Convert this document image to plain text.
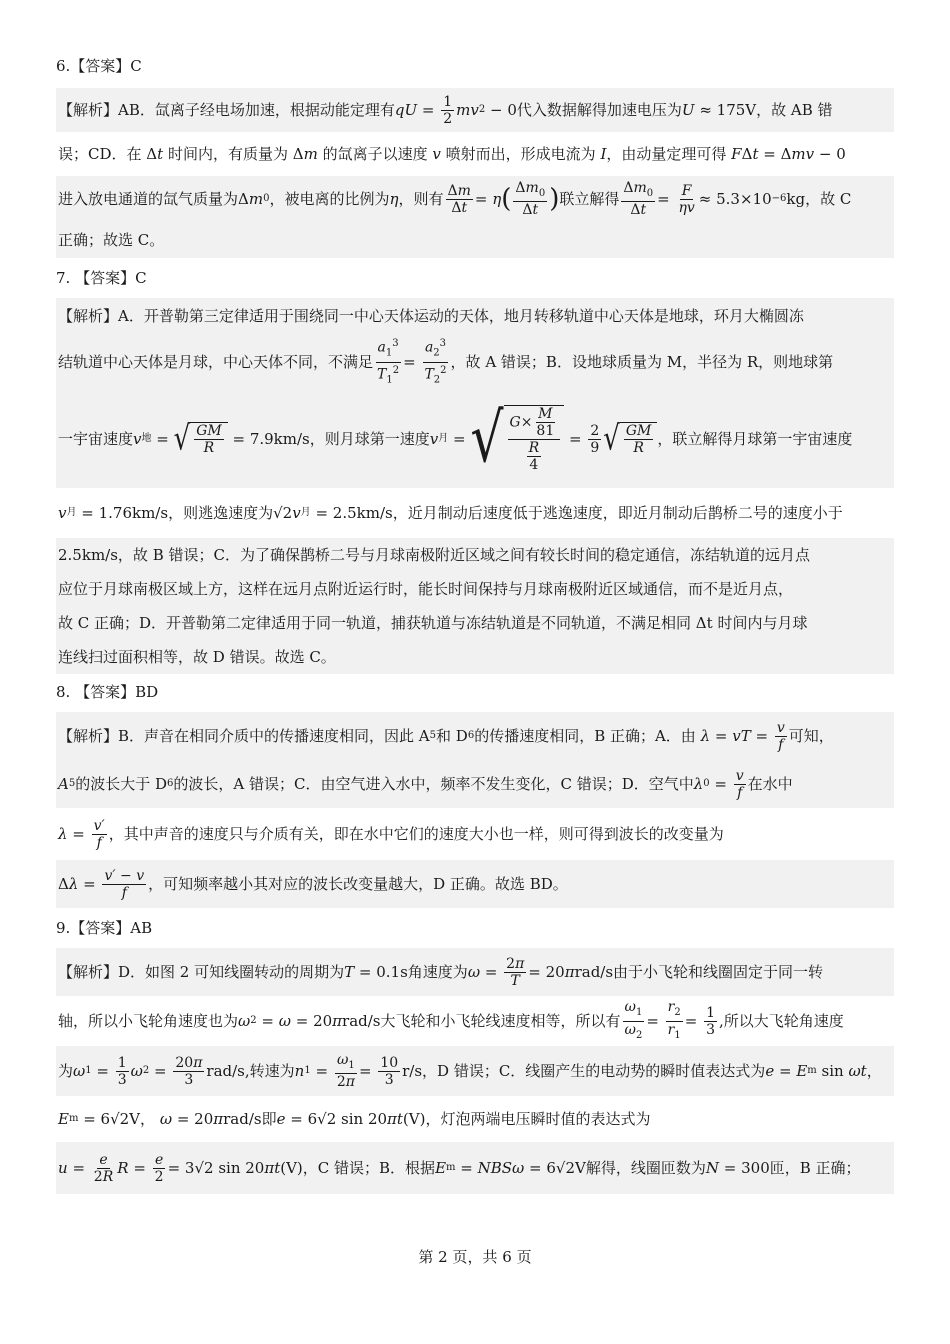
6.【答案】C
【解析】AB．氙离子经电场加速，根据动能定理有 qU = $\frac{1}{2}$ mv 2 − 0 代入数据解得加速电压为 U ≈ 175V ，故 AB 错
误；CD．在 Δ t
时间内，有质量为 Δ m
的氙离子以速度
v
喷射而出，形成电流为
I ，由动量定理可得
F Δ t = Δ mv − 0
进入放电通道的氙气质量为 Δ m 0 ，被电离的比例为 η ，则有 $\frac{\Delta m}{\Delta t} = \eta$ ( $\frac{\Delta m_0}{\Delta t}$ ) 联立解得 $\frac{\Delta m_0}{\Delta t} = \frac{F}{\eta v} \approx 5.3\times 10 -6$ kg ，故 C
正确；故选 C。
7. 【答案】C
【解析】A．开普勒第三定律适用于围绕同一中心天体运动的天体，地月转移轨道中心天体是地球，环月大椭圆冻
结轨道中心天体是月球，中心天体不同，不满足 $\frac{a_1^3}{T_1^2} = \frac{a_2^3}{T_2^2}$ ，故 A 错误；B．设地球质量为 M，半径为 R，则地球第
一宇宙速度 v 地 = √ $\frac{GM}{R} = 7.9km/s$ ，则月球第一速度 v 月 = √ $\frac{G\times \frac{M}{81}}{\frac{R}{4}} = \frac{2}{9}$ √ $\frac{GM}{R}$ ，联立解得月球第一宇宙速度
v 月 = 1.76km/s ，则逃逸速度为 √2 v 月 = 2.5km/s ，近月制动后速度低于逃逸速度，即近月制动后鹊桥二号的速度小于
2.5km/s，故 B 错误；C．为了确保鹊桥二号与月球南极附近区域之间有较长时间的稳定通信，冻结轨道的远月点
应位于月球南极区域上方，这样在远月点附近运行时，能长时间保持与月球南极附近区域通信，而不是近月点，
故 C 正确；D．开普勒第二定律适用于同一轨道，捕获轨道与冻结轨道是不同轨道，不满足相同 Δt 时间内与月球
连线扫过面积相等，故 D 错误。故选 C。
8. 【答案】BD
【解析】B．声音在相同介质中的传播速度相同，因此 A 5 和 D 6 的传播速度相同，B 正确；A．由
λ = vT = $\frac{v}{f}$ 可知，
A 5 的波长大于 D 6 的波长，A 错误；C．由空气进入水中，频率不发生变化，C 错误；D．空气中 λ $0 = \frac{v}{f}$ 在水中
$\lambda = \frac{v'}{f}$ ，其中声音的速度只与介质有关，即在水中它们的速度大小也一样，则可得到波长的改变量为
Δ $\lambda = \frac{v' - v}{f}$ ，可知频率越小其对应的波长改变量越大，D 正确。故选 BD。
9.【答案】AB
【解析】D．如图 2 可知线圈转动的周期为 T = 0.1s 角速度为 $\omega = \frac{2\pi}{T} = 20$ π rad/s 由于小飞轮和线圈固定于同一转
轴，所以小飞轮角速度也为 ω 2 = ω = 20 π rad/s 大飞轮和小飞轮线速度相等，所以有 $\frac{\omega_1}{\omega_2} = \frac{r_2}{r_1} = \frac{1}{3}$ ,所以大飞轮角速度
为 ω $1 = \frac{1}{3}$ ω $2 = \frac{20\pi}{3} rad/s$ ,转速为 n $1 = \frac{\omega_1}{2\pi} = \frac{10}{3} r/s$ ，D 错误；C．线圈产生的电动势的瞬时值表达式为 e = E m sin ωt ，
E m = 6√2V ，
ω = 20 π rad/s 即 e = 6√2 sin 20 πt (V) ，灯泡两端电压瞬时值的表达式为
$u = \frac{e}{2R}$ $R = \frac{e}{2} = 3√2$ sin 20 πt (V) ，C 错误；B．根据 E m = NBSω = 6√2V 解得，线圈匝数为 N = 300 匝，B 正确；
第 2 页，共 6 页
